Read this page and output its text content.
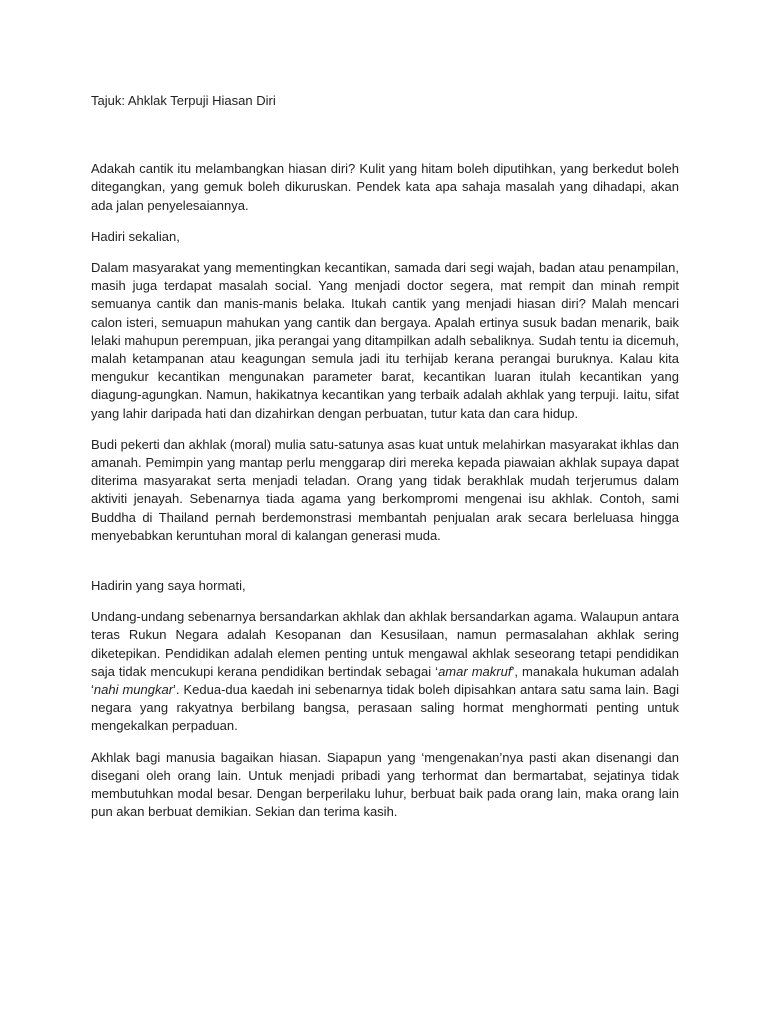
Tajuk: Ahklak Terpuji Hiasan Diri

Adakah cantik itu melambangkan hiasan diri? Kulit yang hitam boleh diputihkan, yang berkedut boleh ditegangkan, yang gemuk boleh dikuruskan. Pendek kata apa sahaja masalah yang dihadapi, akan ada jalan penyelesaiannya.

Hadiri sekalian,

Dalam masyarakat yang mementingkan kecantikan, samada dari segi wajah, badan atau penampilan, masih juga terdapat masalah social. Yang menjadi doctor segera, mat rempit dan minah rempit semuanya cantik dan manis-manis belaka. Itukah cantik yang menjadi hiasan diri? Malah mencari calon isteri, semuapun mahukan yang cantik dan bergaya. Apalah ertinya susuk badan menarik, baik lelaki mahupun perempuan, jika perangai yang ditampilkan adalh sebaliknya. Sudah tentu ia dicemuh, malah ketampanan atau keagungan semula jadi itu terhijab kerana perangai buruknya. Kalau kita mengukur kecantikan mengunakan parameter barat, kecantikan luaran itulah kecantikan yang diagung-agungkan. Namun, hakikatnya kecantikan yang terbaik adalah akhlak yang terpuji. Iaitu, sifat yang lahir daripada hati dan dizahirkan dengan perbuatan, tutur kata dan cara hidup.

Budi pekerti dan akhlak (moral) mulia satu-satunya asas kuat untuk melahirkan masyarakat ikhlas dan amanah. Pemimpin yang mantap perlu menggarap diri mereka kepada piawaian akhlak supaya dapat diterima masyarakat serta menjadi teladan. Orang yang tidak berakhlak mudah terjerumus dalam aktiviti jenayah. Sebenarnya tiada agama yang berkompromi mengenai isu akhlak. Contoh, sami Buddha di Thailand pernah berdemonstrasi membantah penjualan arak secara berleluasa hingga menyebabkan keruntuhan moral di kalangan generasi muda.

Hadirin yang saya hormati,

Undang-undang sebenarnya bersandarkan akhlak dan akhlak bersandarkan agama. Walaupun antara teras Rukun Negara adalah Kesopanan dan Kesusilaan, namun permasalahan akhlak sering diketepikan. Pendidikan adalah elemen penting untuk mengawal akhlak seseorang tetapi pendidikan saja tidak mencukupi kerana pendidikan bertindak sebagai ‘amar makruf’, manakala hukuman adalah ‘nahi mungkar’. Kedua-dua kaedah ini sebenarnya tidak boleh dipisahkan antara satu sama lain. Bagi negara yang rakyatnya berbilang bangsa, perasaan saling hormat menghormati penting untuk mengekalkan perpaduan.

Akhlak bagi manusia bagaikan hiasan. Siapapun yang ‘mengenakan’nya pasti akan disenangi dan disegani oleh orang lain. Untuk menjadi pribadi yang terhormat dan bermartabat, sejatinya tidak membutuhkan modal besar. Dengan berperilaku luhur, berbuat baik pada orang lain, maka orang lain pun akan berbuat demikian. Sekian dan terima kasih.
